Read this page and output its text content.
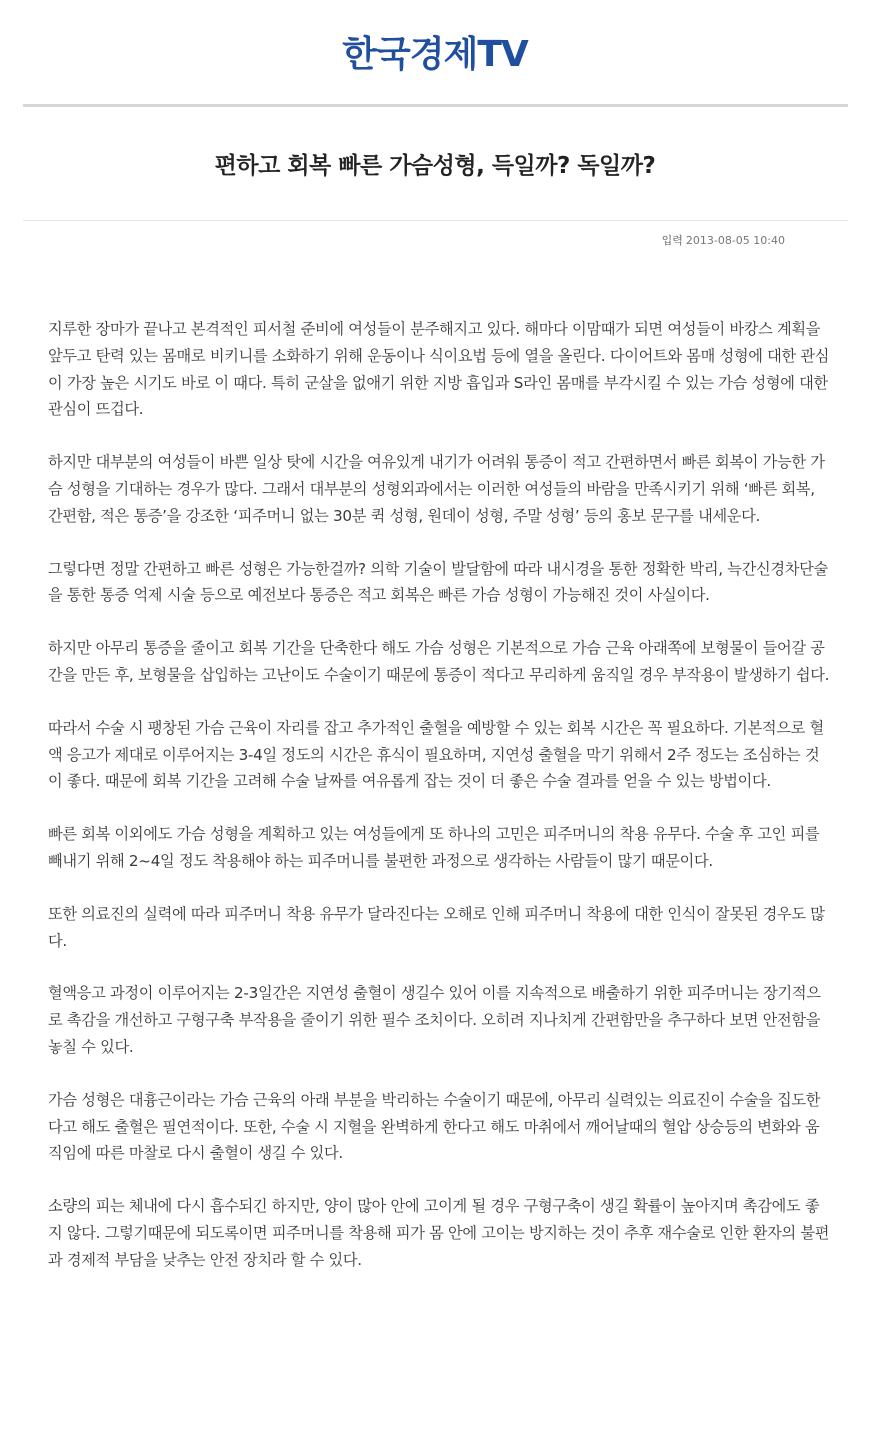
한국경제TV
편하고 회복 빠른 가슴성형, 득일까? 독일까?
입력 2013-08-05 10:40

지루한 장마가 끝나고 본격적인 피서철 준비에 여성들이 분주해지고 있다. 해마다 이맘때가 되면 여성들이 바캉스 계획을 앞두고 탄력 있는 몸매로 비키니를 소화하기 위해 운동이나 식이요법 등에 열을 올린다. 다이어트와 몸매 성형에 대한 관심이 가장 높은 시기도 바로 이 때다. 특히 군살을 없애기 위한 지방 흡입과 S라인 몸매를 부각시킬 수 있는 가슴 성형에 대한 관심이 뜨겁다.

하지만 대부분의 여성들이 바쁜 일상 탓에 시간을 여유있게 내기가 어려워 통증이 적고 간편하면서 빠른 회복이 가능한 가슴 성형을 기대하는 경우가 많다. 그래서 대부분의 성형외과에서는 이러한 여성들의 바람을 만족시키기 위해 ‘빠른 회복, 간편함, 적은 통증’을 강조한 ‘피주머니 없는 30분 퀵 성형, 원데이 성형, 주말 성형’ 등의 홍보 문구를 내세운다.

그렇다면 정말 간편하고 빠른 성형은 가능한걸까? 의학 기술이 발달함에 따라 내시경을 통한 정확한 박리, 늑간신경차단술을 통한 통증 억제 시술 등으로 예전보다 통증은 적고 회복은 빠른 가슴 성형이 가능해진 것이 사실이다.

하지만 아무리 통증을 줄이고 회복 기간을 단축한다 해도 가슴 성형은 기본적으로 가슴 근육 아래쪽에 보형물이 들어갈 공간을 만든 후, 보형물을 삽입하는 고난이도 수술이기 때문에 통증이 적다고 무리하게 움직일 경우 부작용이 발생하기 쉽다.

따라서 수술 시 팽창된 가슴 근육이 자리를 잡고 추가적인 출혈을 예방할 수 있는 회복 시간은 꼭 필요하다. 기본적으로 혈액 응고가 제대로 이루어지는 3-4일 정도의 시간은 휴식이 필요하며, 지연성 출혈을 막기 위해서 2주 정도는 조심하는 것이 좋다. 때문에 회복 기간을 고려해 수술 날짜를 여유롭게 잡는 것이 더 좋은 수술 결과를 얻을 수 있는 방법이다.

빠른 회복 이외에도 가슴 성형을 계획하고 있는 여성들에게 또 하나의 고민은 피주머니의 착용 유무다. 수술 후 고인 피를 빼내기 위해 2~4일 정도 착용해야 하는 피주머니를 불편한 과정으로 생각하는 사람들이 많기 때문이다.

또한 의료진의 실력에 따라 피주머니 착용 유무가 달라진다는 오해로 인해 피주머니 착용에 대한 인식이 잘못된 경우도 많다.

혈액응고 과정이 이루어지는 2-3일간은 지연성 출혈이 생길수 있어 이를 지속적으로 배출하기 위한 피주머니는 장기적으로 촉감을 개선하고 구형구축 부작용을 줄이기 위한 필수 조치이다. 오히려 지나치게 간편함만을 추구하다 보면 안전함을 놓칠 수 있다.

가슴 성형은 대흉근이라는 가슴 근육의 아래 부분을 박리하는 수술이기 때문에, 아무리 실력있는 의료진이 수술을 집도한다고 해도 출혈은 필연적이다. 또한, 수술 시 지혈을 완벽하게 한다고 해도 마취에서 깨어날때의 혈압 상승등의 변화와 움직임에 따른 마찰로 다시 출혈이 생길 수 있다.

소량의 피는 체내에 다시 흡수되긴 하지만, 양이 많아 안에 고이게 될 경우 구형구축이 생길 확률이 높아지며 촉감에도 좋지 않다. 그렇기때문에 되도록이면 피주머니를 착용해 피가 몸 안에 고이는 방지하는 것이 추후 재수술로 인한 환자의 불편과 경제적 부담을 낮추는 안전 장치라 할 수 있다.
